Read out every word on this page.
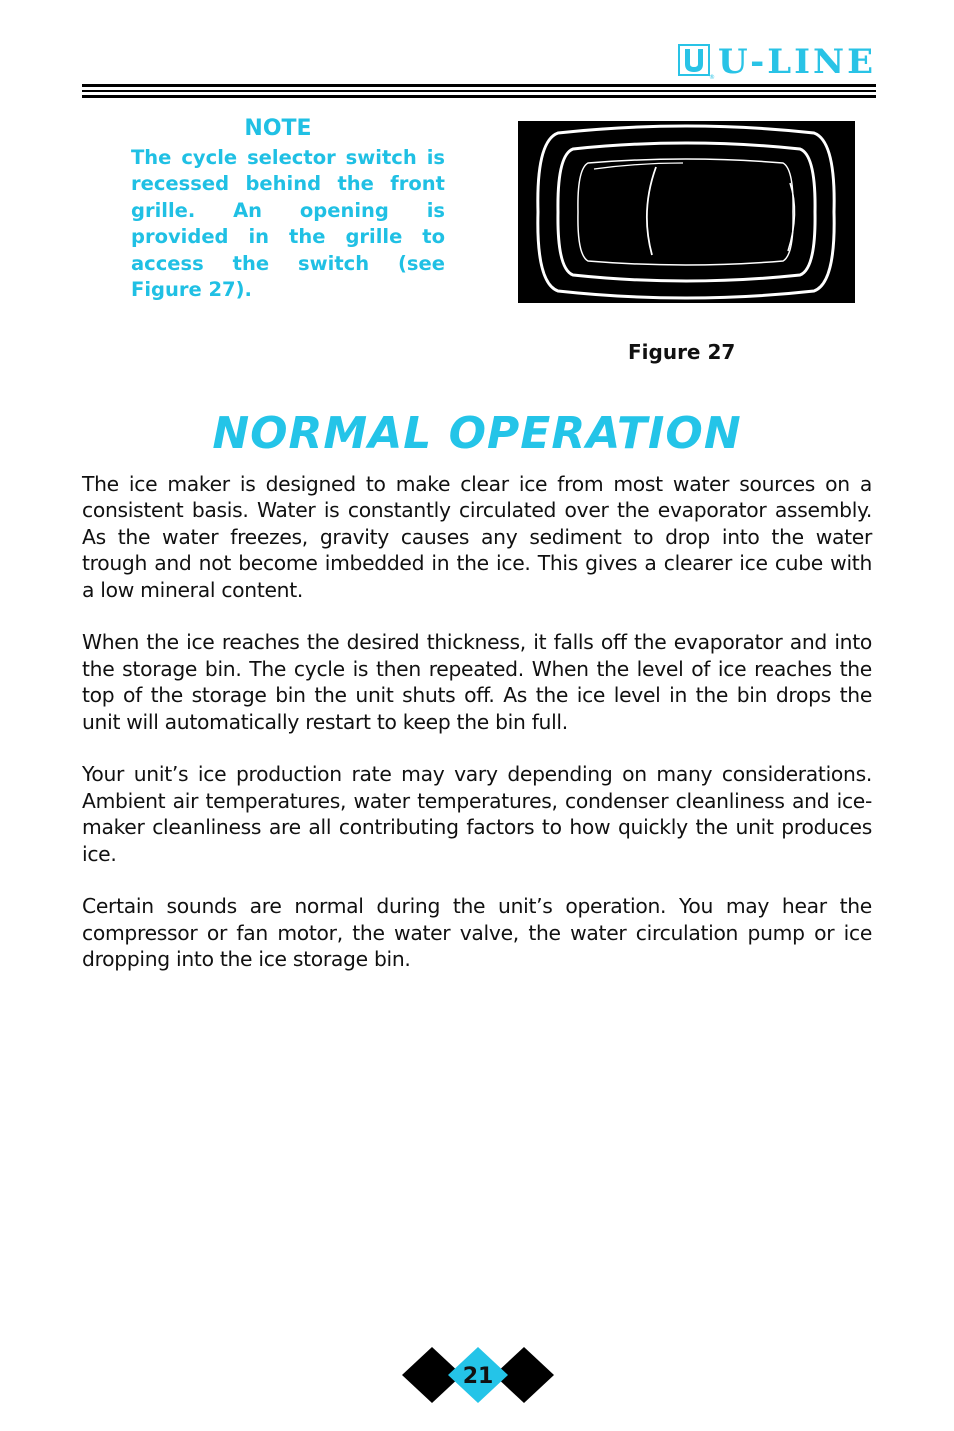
® U-LINE
NOTE
The cycle selector switch is recessed behind the front grille. An opening is provided in the grille to access the switch (see Figure 27).
Figure 27
NORMAL OPERATION

The ice maker is designed to make clear ice from most water sources on a consistent basis. Water is constantly circulated over the evaporator assembly. As the water freezes, gravity causes any sediment to drop into the water trough and not become imbedded in the ice. This gives a clearer ice cube with a low mineral content.

When the ice reaches the desired thickness, it falls off the evaporator and into the storage bin. The cycle is then repeated. When the level of ice reaches the top of the storage bin the unit shuts off. As the ice level in the bin drops the unit will automatically restart to keep the bin full.

Your unit’s ice production rate may vary depending on many considerations. Ambient air temperatures, water temperatures, condenser cleanliness and ice-maker cleanliness are all contributing factors to how quickly the unit produces ice.

Certain sounds are normal during the unit’s operation. You may hear the compressor or fan motor, the water valve, the water circulation pump or ice dropping into the ice storage bin.

21
